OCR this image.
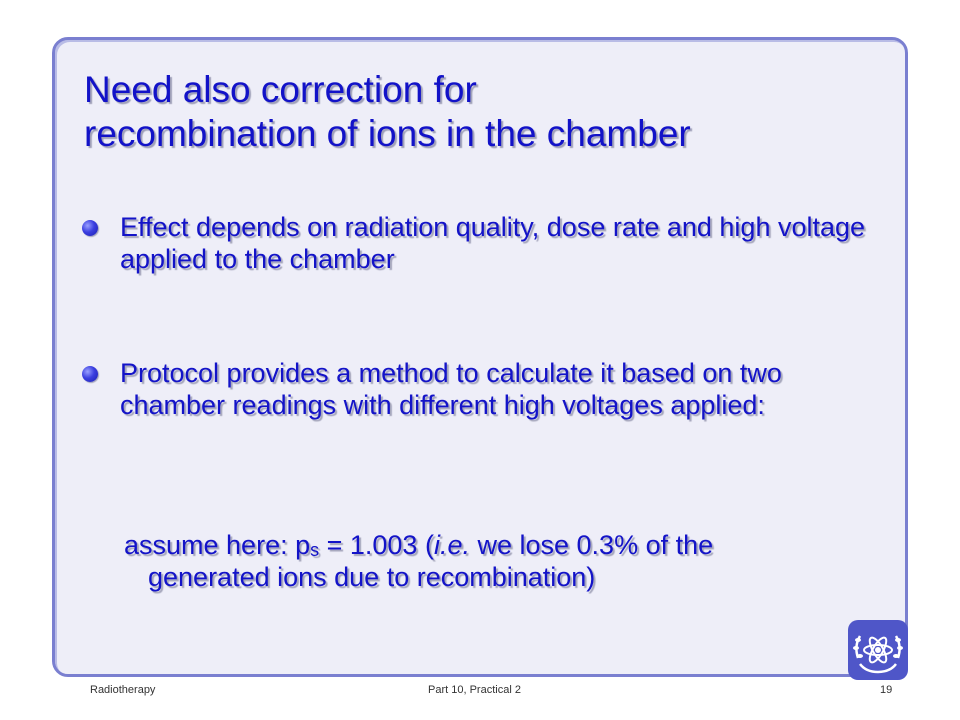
Need also correction for
recombination of ions in the chamber
Effect depends on radiation quality, dose rate and high voltage applied to the chamber
Protocol provides a method to calculate it based on two chamber readings with different high voltages applied:
assume here: $p_s = 1.003$ (i.e. we lose 0.3% of the
generated ions due to recombination)
Radiotherapy	Part 10, Practical 2	19
